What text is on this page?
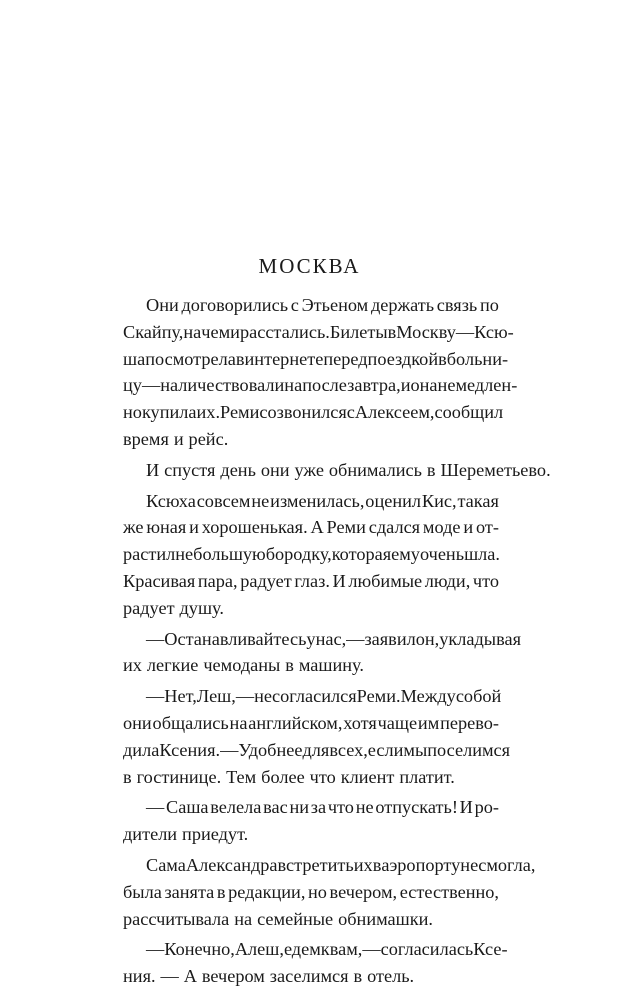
МОСКВА
Они договорились с Этьеном держать связь по
Скайпу, на чем и расстались. Билеты в Москву — Ксю-
ша посмотрела в интернете перед поездкой в больни-
цу — наличествовали на послезавтра, и она немедлен-
но купила их. Реми созвонился с Алексеем, сообщил
время и рейс.
И спустя день они уже обнимались в Шереметьево.
Ксюха совсем не изменилась, оценил Кис, такая
же юная и хорошенькая. А Реми сдался моде и от-
растил небольшую бородку, которая ему очень шла.
Красивая пара, радует глаз. И любимые люди, что
радует душу.
— Останавливайтесь у нас, — заявил он, укладывая
их легкие чемоданы в машину.
— Нет, Леш, — не согласился Реми. Между собой
они общались на английском, хотя чаще им перево-
дила Ксения. — Удобнее для всех, если мы поселимся
в гостинице. Тем более что клиент платит.
— Саша велела вас ни за что не отпускать! И ро-
дители приедут.
Сама Александра встретить их в аэропорту не смогла,
была занята в редакции, но вечером, естественно,
рассчитывала на семейные обнимашки.
— Конечно, Алеш, едем к вам, — согласилась Ксе-
ния. — А вечером заселимся в отель.
